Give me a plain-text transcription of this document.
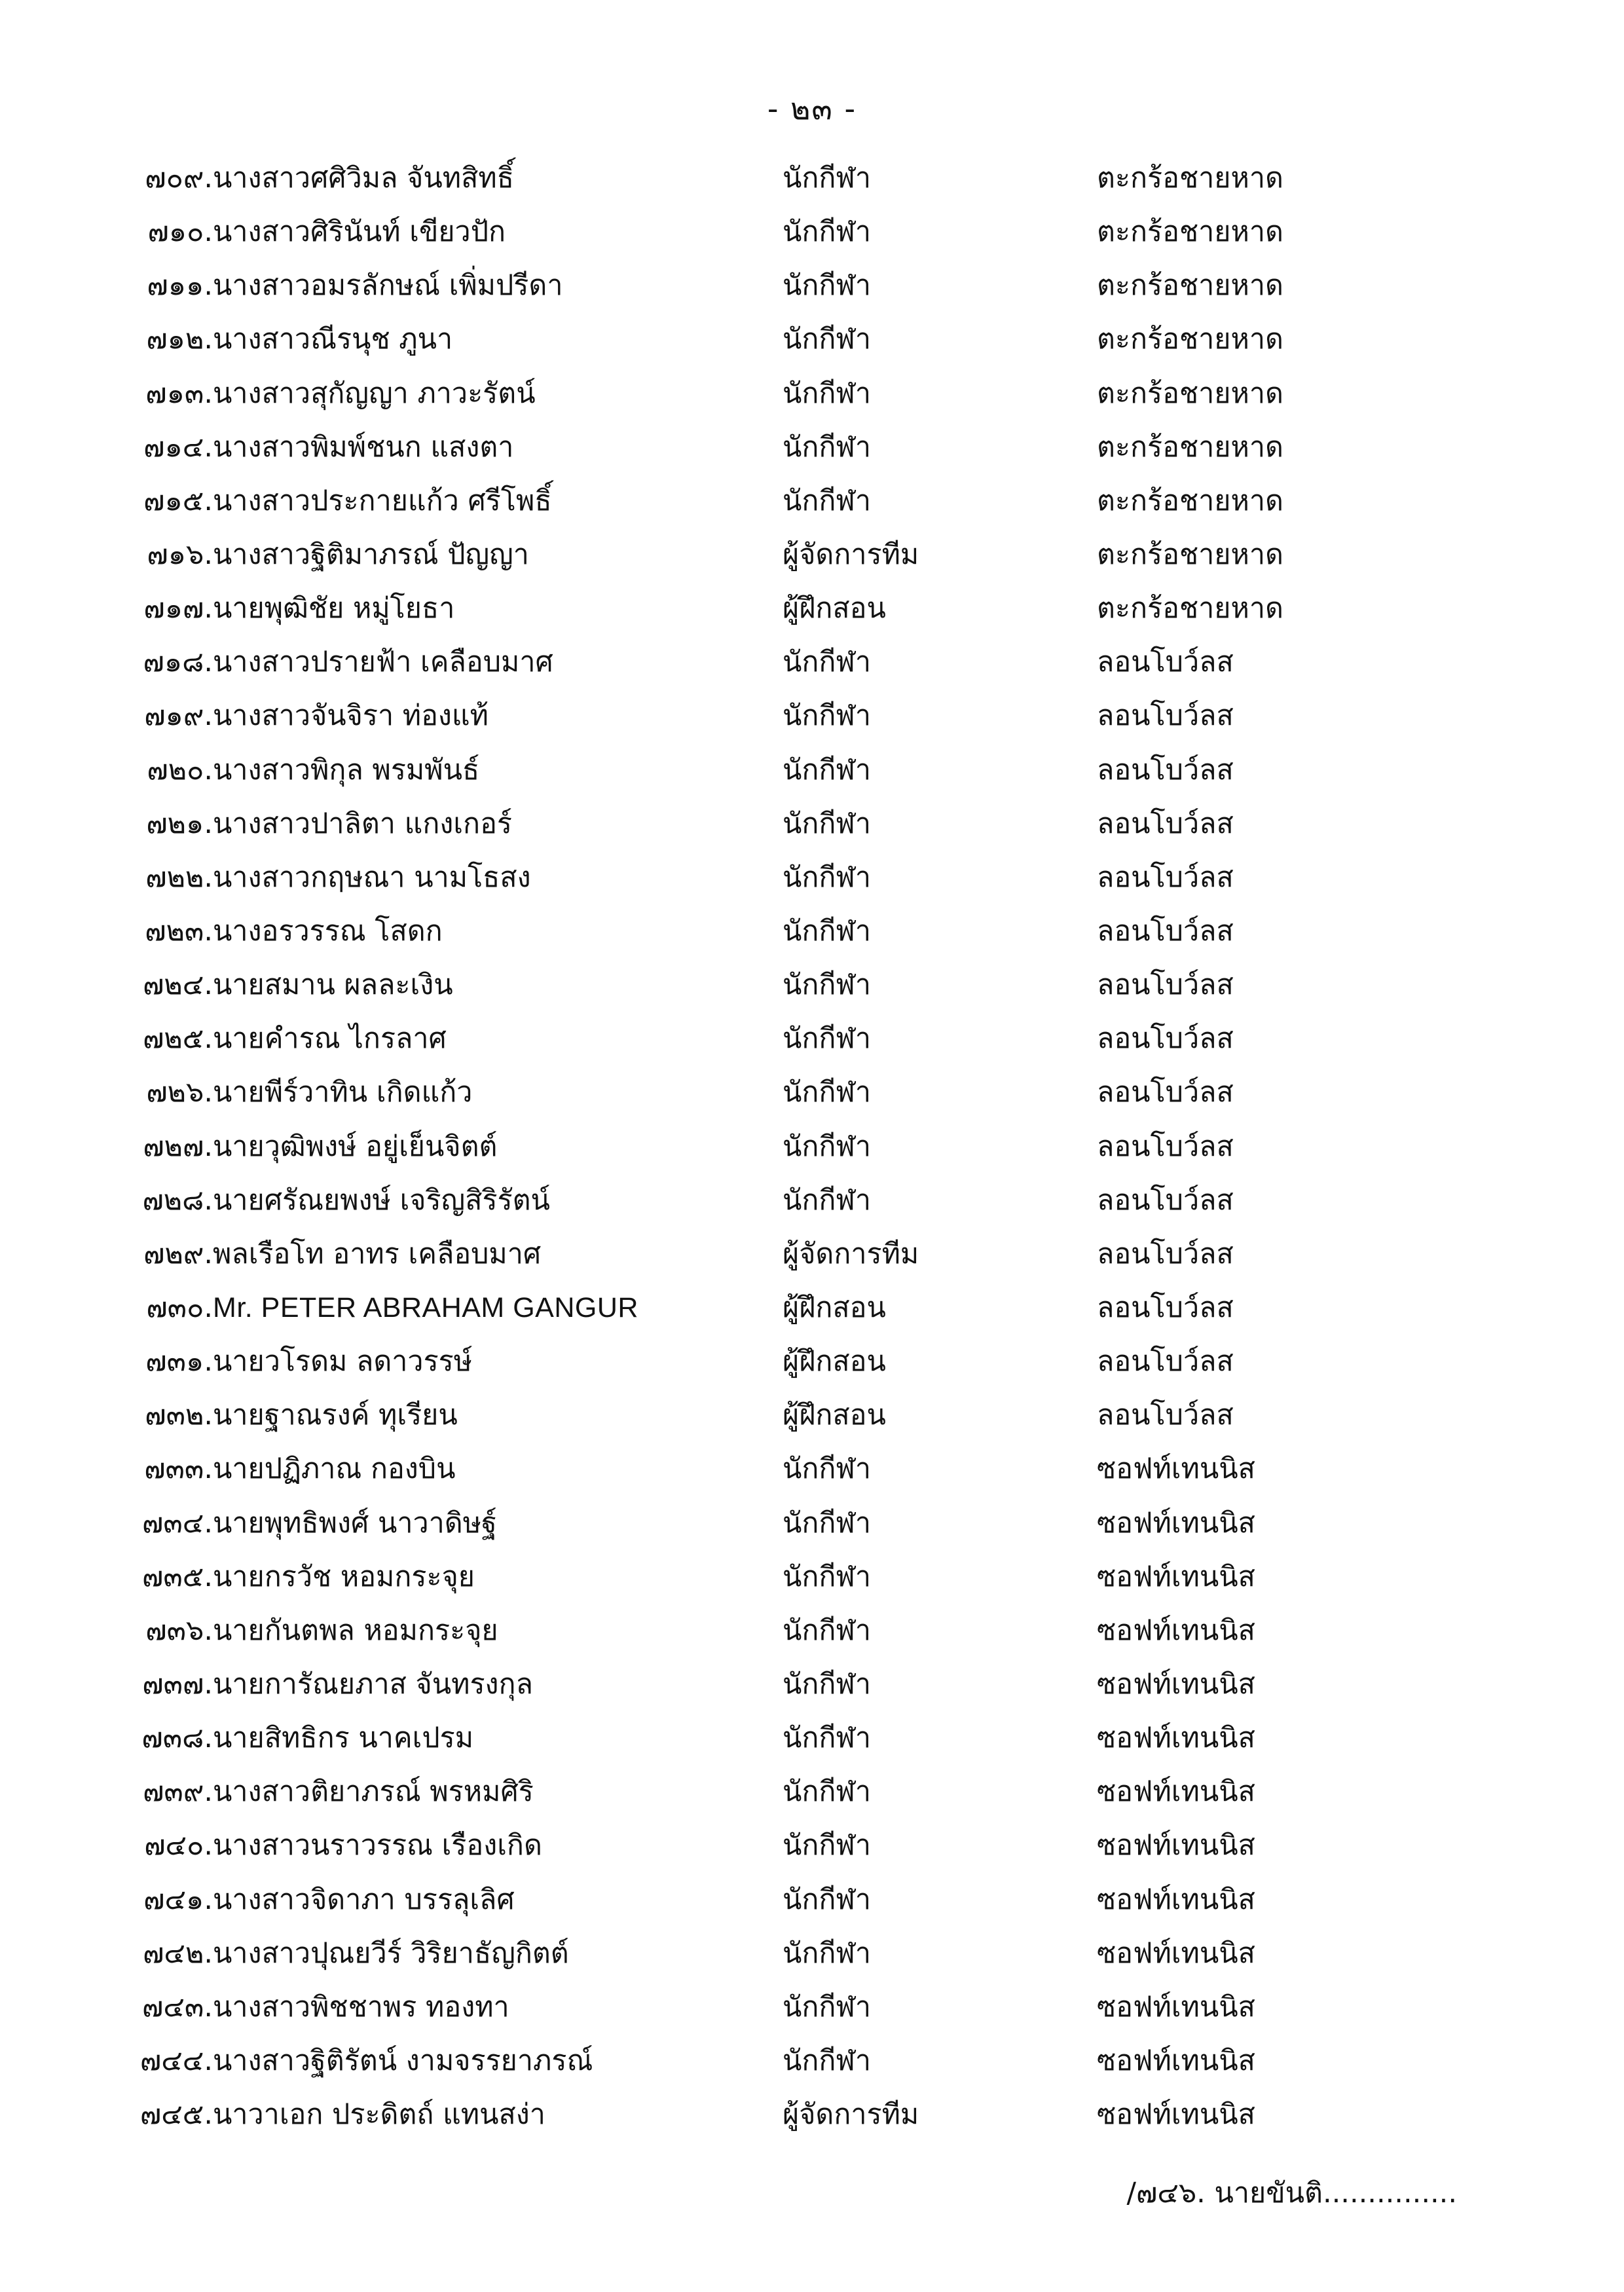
- ๒๓ -
๗๐๙.	นางสาวศศิวิมล จันทสิทธิ์	นักกีฬา	ตะกร้อชายหาด
๗๑๐.	นางสาวศิรินันท์ เขียวปัก	นักกีฬา	ตะกร้อชายหาด
๗๑๑.	นางสาวอมรลักษณ์ เพิ่มปรีดา	นักกีฬา	ตะกร้อชายหาด
๗๑๒.	นางสาวณีรนุช ภูนา	นักกีฬา	ตะกร้อชายหาด
๗๑๓.	นางสาวสุกัญญา ภาวะรัตน์	นักกีฬา	ตะกร้อชายหาด
๗๑๔.	นางสาวพิมพ์ชนก แสงตา	นักกีฬา	ตะกร้อชายหาด
๗๑๕.	นางสาวประกายแก้ว ศรีโพธิ์	นักกีฬา	ตะกร้อชายหาด
๗๑๖.	นางสาวฐิติมาภรณ์ ปัญญา	ผู้จัดการทีม	ตะกร้อชายหาด
๗๑๗.	นายพุฒิชัย หมู่โยธา	ผู้ฝึกสอน	ตะกร้อชายหาด
๗๑๘.	นางสาวปรายฟ้า เคลือบมาศ	นักกีฬา	ลอนโบว์ลส
๗๑๙.	นางสาวจันจิรา ท่องแท้	นักกีฬา	ลอนโบว์ลส
๗๒๐.	นางสาวพิกุล พรมพันธ์	นักกีฬา	ลอนโบว์ลส
๗๒๑.	นางสาวปาลิตา แกงเกอร์	นักกีฬา	ลอนโบว์ลส
๗๒๒.	นางสาวกฤษณา นามโธสง	นักกีฬา	ลอนโบว์ลส
๗๒๓.	นางอรวรรณ โสดก	นักกีฬา	ลอนโบว์ลส
๗๒๔.	นายสมาน ผลละเงิน	นักกีฬา	ลอนโบว์ลส
๗๒๕.	นายคำรณ ไกรลาศ	นักกีฬา	ลอนโบว์ลส
๗๒๖.	นายพีร์วาทิน เกิดแก้ว	นักกีฬา	ลอนโบว์ลส
๗๒๗.	นายวุฒิพงษ์ อยู่เย็นจิตต์	นักกีฬา	ลอนโบว์ลส
๗๒๘.	นายศรัณยพงษ์ เจริญสิริรัตน์	นักกีฬา	ลอนโบว์ลส
๗๒๙.	พลเรือโท อาทร เคลือบมาศ	ผู้จัดการทีม	ลอนโบว์ลส
๗๓๐.	Mr. PETER ABRAHAM GANGUR	ผู้ฝึกสอน	ลอนโบว์ลส
๗๓๑.	นายวโรดม ลดาวรรษ์	ผู้ฝึกสอน	ลอนโบว์ลส
๗๓๒.	นายฐาณรงค์ ทุเรียน	ผู้ฝึกสอน	ลอนโบว์ลส
๗๓๓.	นายปฏิภาณ กองบิน	นักกีฬา	ซอฟท์เทนนิส
๗๓๔.	นายพุทธิพงศ์ นาวาดิษฐ์	นักกีฬา	ซอฟท์เทนนิส
๗๓๕.	นายกรวัช หอมกระจุย	นักกีฬา	ซอฟท์เทนนิส
๗๓๖.	นายกันตพล หอมกระจุย	นักกีฬา	ซอฟท์เทนนิส
๗๓๗.	นายการัณยภาส จันทรงกุล	นักกีฬา	ซอฟท์เทนนิส
๗๓๘.	นายสิทธิกร นาคเปรม	นักกีฬา	ซอฟท์เทนนิส
๗๓๙.	นางสาวติยาภรณ์ พรหมศิริ	นักกีฬา	ซอฟท์เทนนิส
๗๔๐.	นางสาวนราวรรณ เรืองเกิด	นักกีฬา	ซอฟท์เทนนิส
๗๔๑.	นางสาวจิดาภา บรรลุเลิศ	นักกีฬา	ซอฟท์เทนนิส
๗๔๒.	นางสาวปุณยวีร์ วิริยาธัญกิตต์	นักกีฬา	ซอฟท์เทนนิส
๗๔๓.	นางสาวพิชชาพร ทองทา	นักกีฬา	ซอฟท์เทนนิส
๗๔๔.	นางสาวฐิติรัตน์ งามจรรยาภรณ์	นักกีฬา	ซอฟท์เทนนิส
๗๔๕.	นาวาเอก ประดิตถ์ แทนสง่า	ผู้จัดการทีม	ซอฟท์เทนนิส
/๗๔๖. นายขันติ...............
